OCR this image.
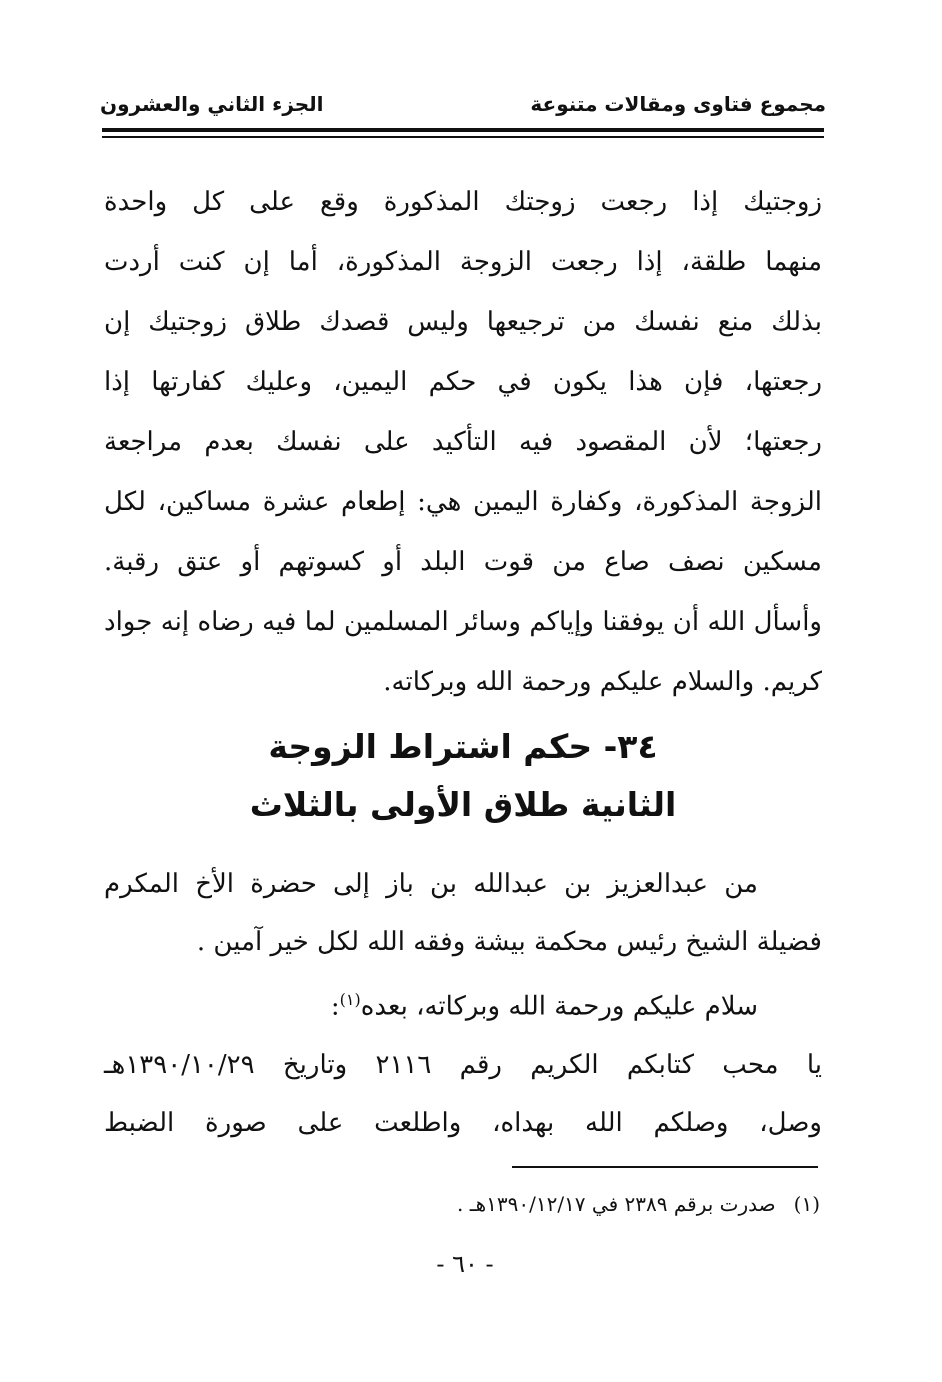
مجموع فتاوى ومقالات متنوعة
الجزء الثاني والعشرون

زوجتيك إذا رجعت زوجتك المذكورة وقع على كل واحدة

منهما طلقة، إذا رجعت الزوجة المذكورة، أما إن كنت أردت

بذلك منع نفسك من ترجيعها وليس قصدك طلاق زوجتيك إن

رجعتها، فإن هذا يكون في حكم اليمين، وعليك كفارتها إذا

رجعتها؛ لأن المقصود فيه التأكيد على نفسك بعدم مراجعة

الزوجة المذكورة، وكفارة اليمين هي: إطعام عشرة مساكين، لكل

مسكين نصف صاع من قوت البلد أو كسوتهم أو عتق رقبة.

وأسأل الله أن يوفقنا وإياكم وسائر المسلمين لما فيه رضاه إنه جواد

كريم. والسلام عليكم ورحمة الله وبركاته.

٣٤- حكم اشتراط الزوجة
الثانية طلاق الأولى بالثلاث

من عبدالعزيز بن عبدالله بن باز إلى حضرة الأخ المكرم

فضيلة الشيخ رئيس محكمة بيشة وفقه الله لكل خير آمين .

سلام عليكم ورحمة الله وبركاته، بعده$^{(١)}$:

يا محب كتابكم الكريم رقم ٢١١٦ وتاريخ ١٣٩٠/١٠/٢٩هـ

وصل، وصلكم الله بهداه، واطلعت على صورة الضبط

(١)صدرت برقم ٢٣٨٩ في ١٣٩٠/١٢/١٧هـ .
- ٦٠ -
